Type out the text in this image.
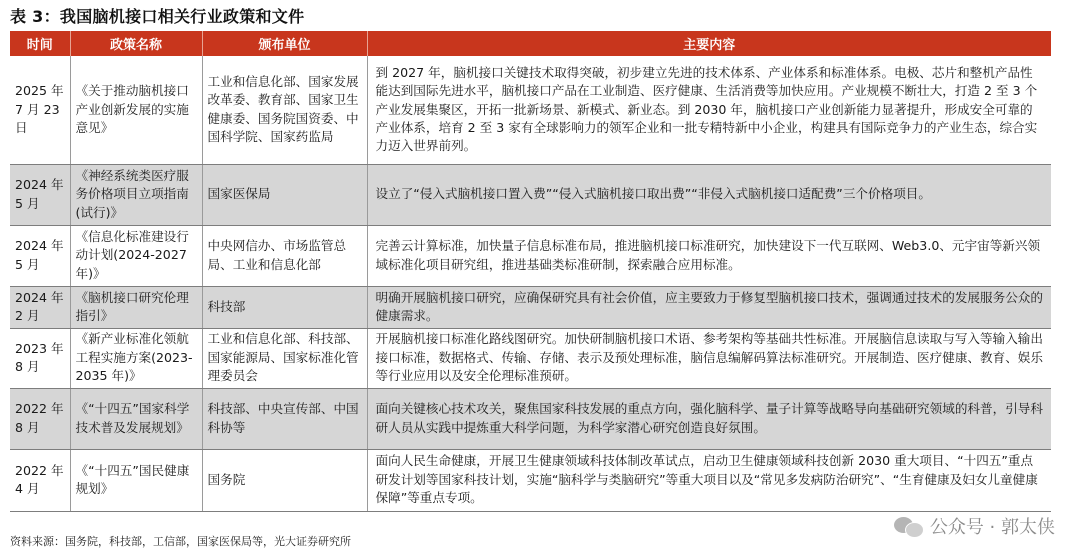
表 3：我国脑机接口相关行业政策和文件
时间	政策名称	颁布单位	主要内容
2025 年 7 月 23 日	《关于推动脑机接口产业创新发展的实施意见》	工业和信息化部、国家发展改革委、教育部、国家卫生健康委、国务院国资委、中国科学院、国家药监局	到 2027 年，脑机接口关键技术取得突破，初步建立先进的技术体系、产业体系和标准体系。电极、芯片和整机产品性能达到国际先进水平，脑机接口产品在工业制造、医疗健康、生活消费等加快应用。产业规模不断壮大，打造 2 至 3 个产业发展集聚区，开拓一批新场景、新模式、新业态。到 2030 年，脑机接口产业创新能力显著提升，形成安全可靠的产业体系，培育 2 至 3 家有全球影响力的领军企业和一批专精特新中小企业，构建具有国际竞争力的产业生态，综合实力迈入世界前列。
2024 年 5 月	《神经系统类医疗服务价格项目立项指南(试行)》	国家医保局	设立了“侵入式脑机接口置入费”“侵入式脑机接口取出费”“非侵入式脑机接口适配费”三个价格项目。
2024 年 5 月	《信息化标准建设行动计划(2024-2027 年)》	中央网信办、市场监管总局、工业和信息化部	完善云计算标准，加快量子信息标准布局，推进脑机接口标准研究，加快建设下一代互联网、Web3.0、元宇宙等新兴领域标准化项目研究组，推进基础类标准研制，探索融合应用标准。
2024 年 2 月	《脑机接口研究伦理指引》	科技部	明确开展脑机接口研究，应确保研究具有社会价值，应主要致力于修复型脑机接口技术，强调通过技术的发展服务公众的健康需求。
2023 年 8 月	《新产业标准化领航工程实施方案(2023-2035 年)》	工业和信息化部、科技部、国家能源局、国家标准化管理委员会	开展脑机接口标准化路线图研究。加快研制脑机接口术语、参考架构等基础共性标准。开展脑信息读取与写入等输入输出接口标准，数据格式、传输、存储、表示及预处理标准，脑信息编解码算法标准研究。开展制造、医疗健康、教育、娱乐等行业应用以及安全伦理标准预研。
2022 年 8 月	《“十四五”国家科学技术普及发展规划》	科技部、中央宣传部、中国科协等	面向关键核心技术攻关，聚焦国家科技发展的重点方向，强化脑科学、量子计算等战略导向基础研究领域的科普，引导科研人员从实践中提炼重大科学问题，为科学家潜心研究创造良好氛围。
2022 年 4 月	《“十四五”国民健康规划》	国务院	面向人民生命健康，开展卫生健康领域科技体制改革试点，启动卫生健康领域科技创新 2030 重大项目、“十四五”重点研发计划等国家科技计划，实施“脑科学与类脑研究”等重大项目以及“常见多发病防治研究”、“生育健康及妇女儿童健康保障”等重点专项。
资料来源：国务院，科技部，工信部，国家医保局等，光大证券研究所
公众号 · 郭太侠
